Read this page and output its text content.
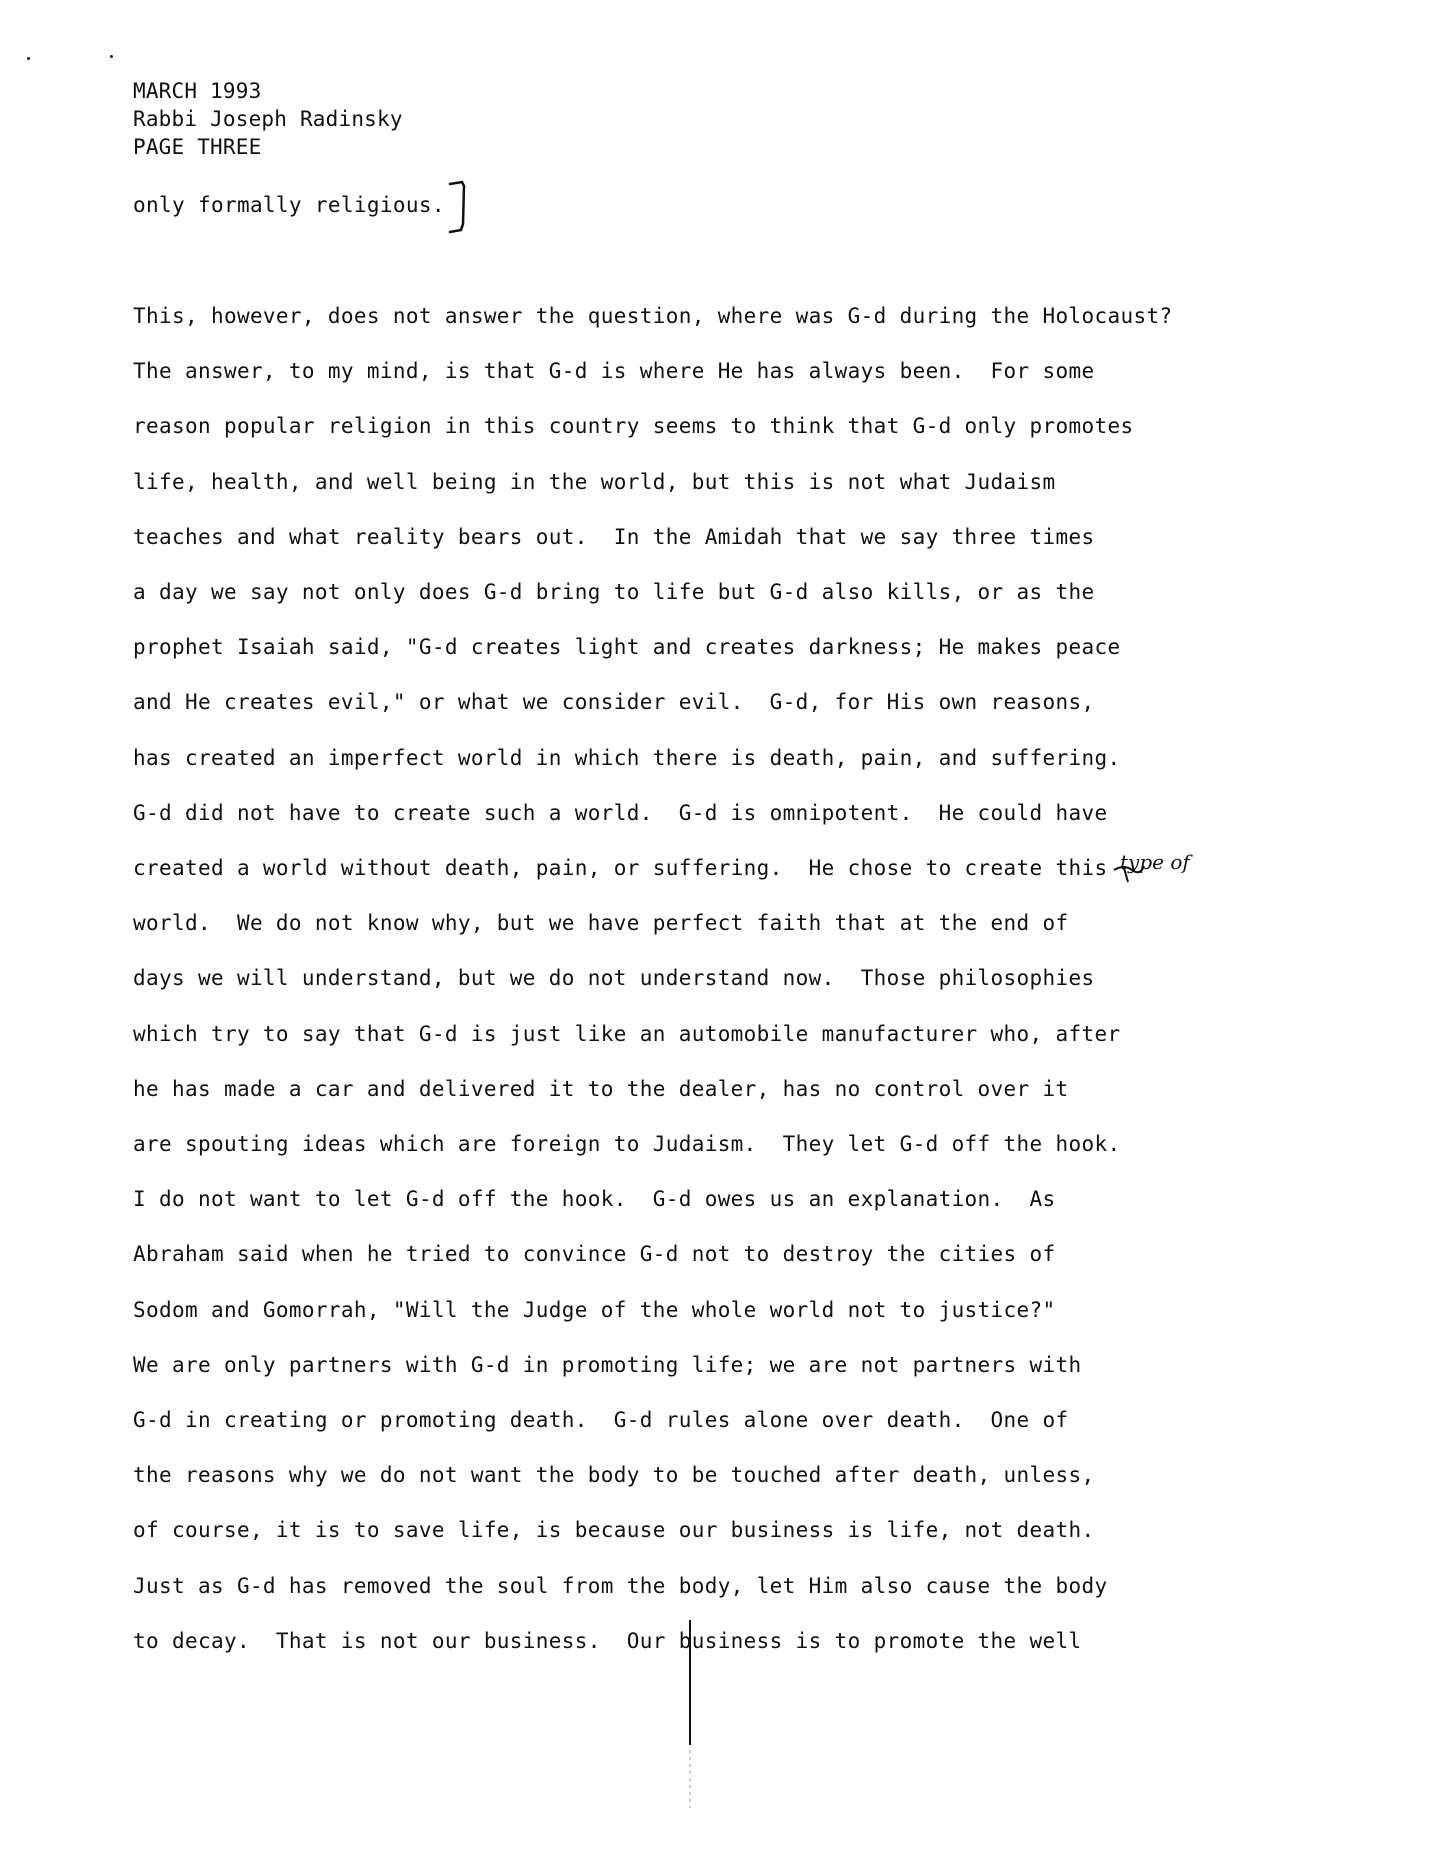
MARCH 1993
Rabbi Joseph Radinsky
PAGE THREE
only formally religious.
This, however, does not answer the question, where was G-d during the Holocaust?
The answer, to my mind, is that G-d is where He has always been.  For some
reason popular religion in this country seems to think that G-d only promotes
life, health, and well being in the world, but this is not what Judaism
teaches and what reality bears out.  In the Amidah that we say three times
a day we say not only does G-d bring to life but G-d also kills, or as the
prophet Isaiah said, "G-d creates light and creates darkness; He makes peace
and He creates evil," or what we consider evil.  G-d, for His own reasons,
has created an imperfect world in which there is death, pain, and suffering.
G-d did not have to create such a world.  G-d is omnipotent.  He could have
created a world without death, pain, or suffering.  He chose to create this
world.  We do not know why, but we have perfect faith that at the end of
days we will understand, but we do not understand now.  Those philosophies
which try to say that G-d is just like an automobile manufacturer who, after
he has made a car and delivered it to the dealer, has no control over it
are spouting ideas which are foreign to Judaism.  They let G-d off the hook.
I do not want to let G-d off the hook.  G-d owes us an explanation.  As
Abraham said when he tried to convince G-d not to destroy the cities of
Sodom and Gomorrah, "Will the Judge of the whole world not to justice?"
We are only partners with G-d in promoting life; we are not partners with
G-d in creating or promoting death.  G-d rules alone over death.  One of
the reasons why we do not want the body to be touched after death, unless,
of course, it is to save life, is because our business is life, not death.
Just as G-d has removed the soul from the body, let Him also cause the body
to decay.  That is not our business.  Our business is to promote the well
type of
